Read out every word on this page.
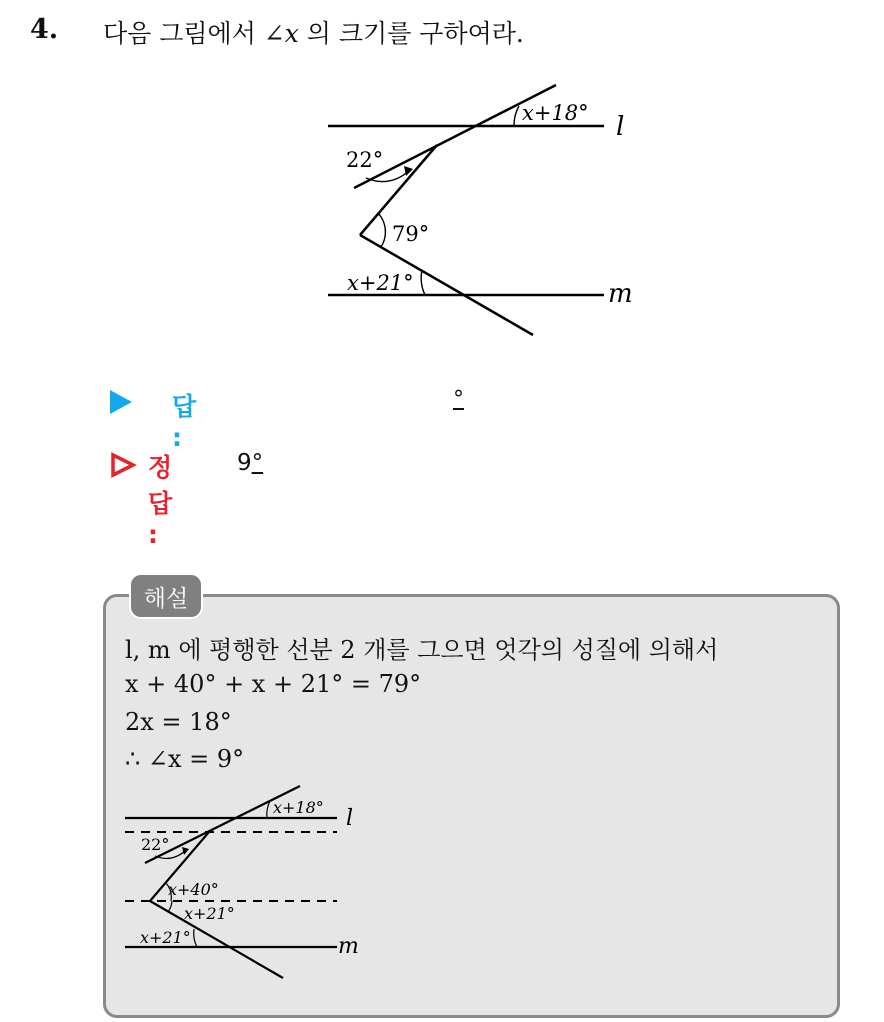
4. 다음 그림에서 ∠x 의 크기를 구하여라.
x+18° l
22°
79°
x+21°	m
답 :
°
정답 :
9°
해설
l, m 에 평행한 선분 2 개를 그으면 엇각의 성질에 의해서
x + 40° + x + 21° = 79°
2x = 18°
∴ ∠x = 9°
x+18° l
22°
x+40°
x+21°
x+21°	m
